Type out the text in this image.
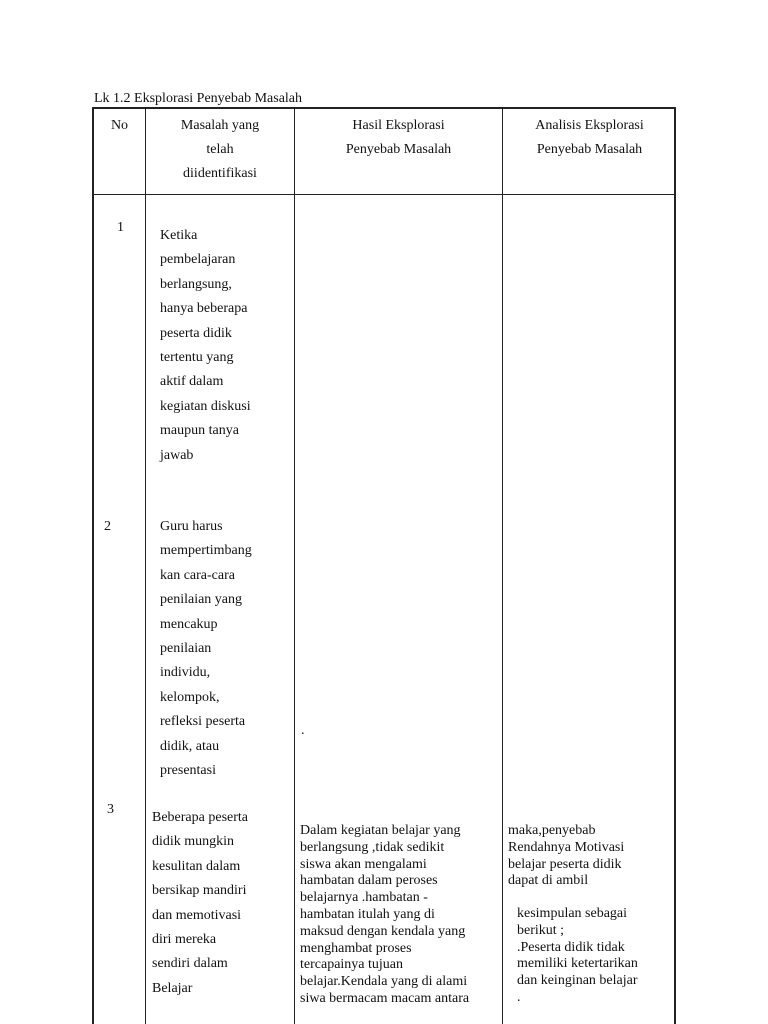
Lk 1.2 Eksplorasi Penyebab Masalah
No	Masalah yang
telah
diidentifikasi
Hasil Eksplorasi
Penyebab Masalah
Analisis Eksplorasi
Penyebab Masalah
1
Ketika
pembelajaran
berlangsung,
hanya beberapa
peserta didik
tertentu yang
aktif dalam
kegiatan diskusi
maupun tanya
jawab
2	Guru harus
mempertimbang
kan cara-cara
penilaian yang
mencakup
penilaian
individu,
kelompok,
refleksi peserta
didik, atau
presentasi
.
3
Beberapa peserta
didik mungkin
kesulitan dalam
bersikap mandiri
dan memotivasi
diri mereka
sendiri dalam
Belajar
Dalam kegiatan belajar yang
berlangsung ,tidak sedikit
siswa akan mengalami
hambatan dalam peroses
belajarnya .hambatan -
hambatan itulah yang di
maksud dengan kendala yang
menghambat proses
tercapainya tujuan
belajar.Kendala yang di alami
siwa bermacam macam antara
maka,penyebab
Rendahnya Motivasi
belajar peserta didik
dapat di ambil
kesimpulan sebagai
berikut ;
.Peserta didik tidak
memiliki ketertarikan
dan keinginan belajar
.
